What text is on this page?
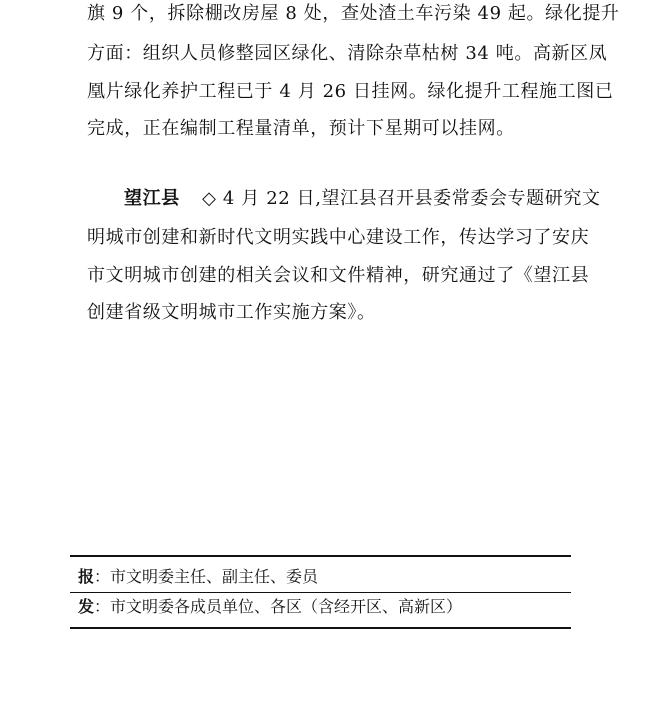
旗 9 个，拆除棚改房屋 8 处，查处渣土车污染 49 起。绿化提升
方面：组织人员修整园区绿化、清除杂草枯树 34 吨。高新区凤
凰片绿化养护工程已于 4 月 26 日挂网。绿化提升工程施工图已
完成，正在编制工程量清单，预计下星期可以挂网。
望江县 ◇ 4 月 22 日,望江县召开县委常委会专题研究文
明城市创建和新时代文明实践中心建设工作，传达学习了安庆
市文明城市创建的相关会议和文件精神，研究通过了《望江县
创建省级文明城市工作实施方案》。
报：市文明委主任、副主任、委员
发：市文明委各成员单位、各区（含经开区、高新区）
